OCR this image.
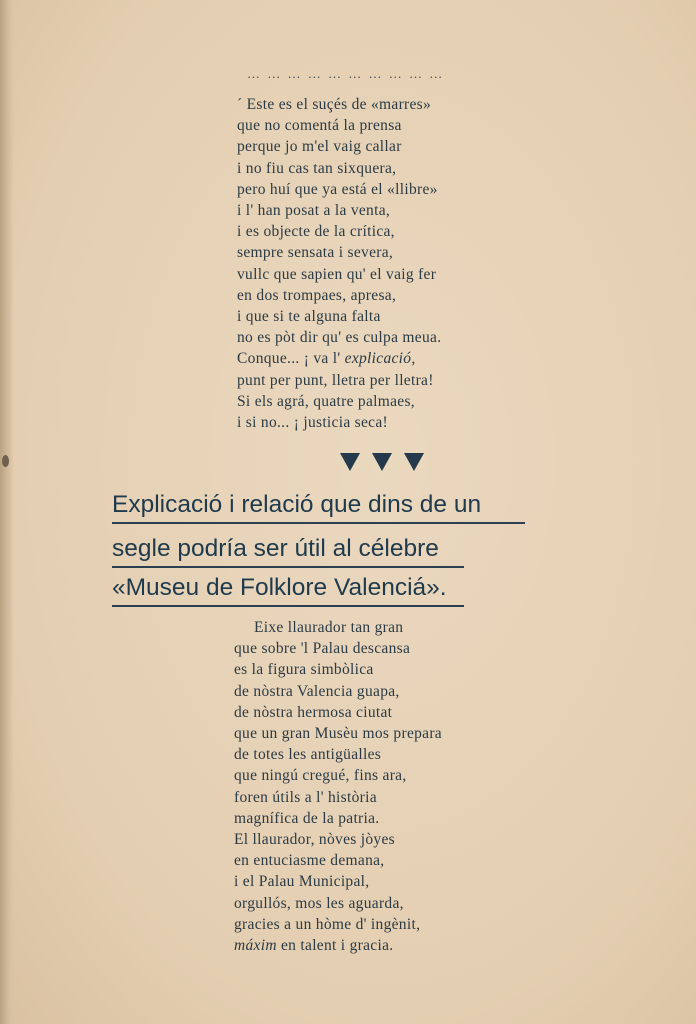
… … … … … … … … … …
´ Este es el suçés de «marres»
que no comentá la prensa
perque jo m'el vaig callar
i no fiu cas tan sixquera,
pero huí que ya está el «llibre»
i l' han posat a la venta,
i es objecte de la crítica,
sempre sensata i severa,
vullc que sapien qu' el vaig fer
en dos trompaes, apresa,
i que si te alguna falta
no es pòt dir qu' es culpa meua.
Conque... ¡ va l' explicació,
punt per punt, lletra per lletra!
Si els agrá, quatre palmaes,
i si no... ¡ justicia seca!
Explicació i relació que dins de un
segle podría ser útil al célebre
«Museu de Folklore Valenciá».
Eixe llaurador tan gran
que sobre 'l Palau descansa
es la figura simbòlica
de nòstra Valencia guapa,
de nòstra hermosa ciutat
que un gran Musèu mos prepara
de totes les antigüalles
que ningú cregué, fins ara,
foren útils a l' història
magnífica de la patria.
El llaurador, nòves jòyes
en entuciasme demana,
i el Palau Municipal,
orgullós, mos les aguarda,
gracies a un hòme d' ingènit,
máxim en talent i gracia.
